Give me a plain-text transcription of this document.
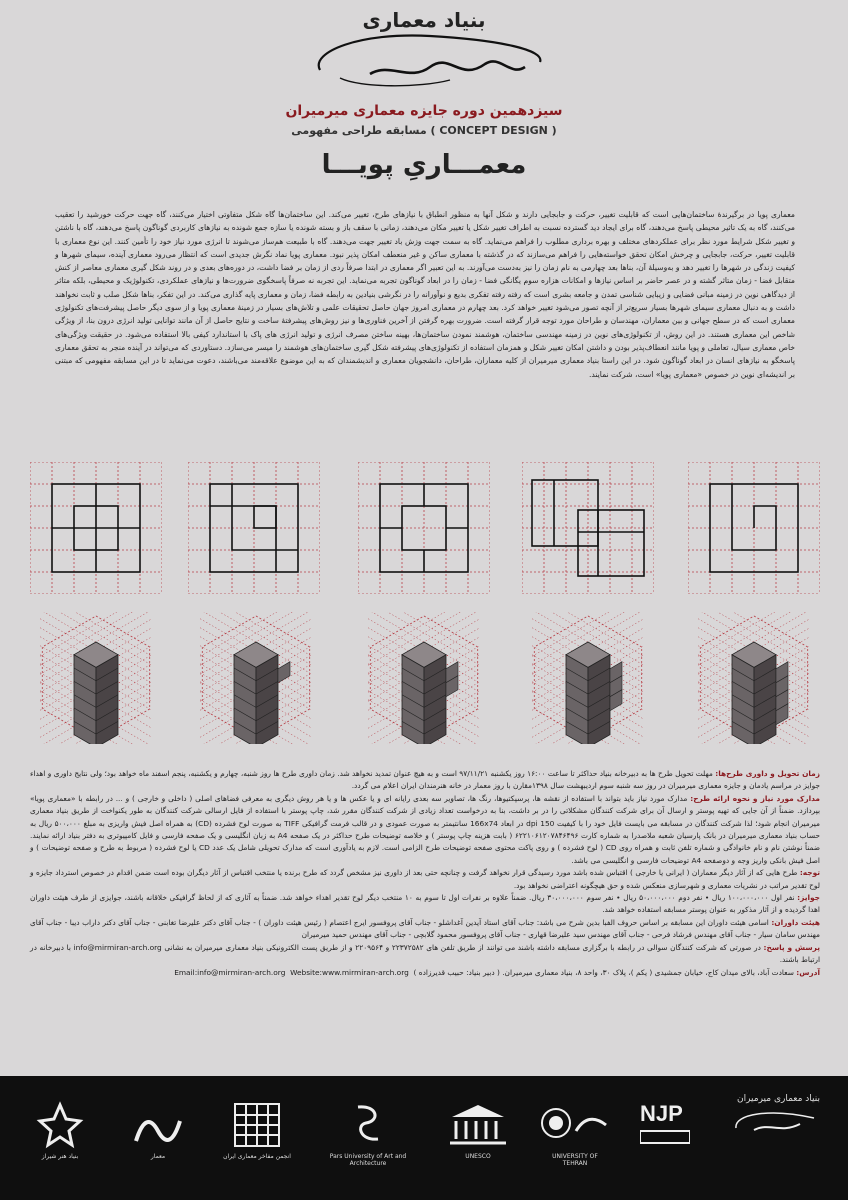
بنیاد معماری
سیزدهمین دوره جایزه معماری میرمیران
مسابقه طراحی مفهومی ( CONCEPT DESIGN )
معمـــاریِ پویـــا
معماری پویا در برگیرندهٔ ساختمان‌هایی است که قابلیت تغییر، حرکت و جابجایی دارند و شکل آنها به منظور انطباق با نیازهای طرح، تغییر می‌کند. این ساختمان‌ها گاه شکل متفاوتی اختیار می‌کنند، گاه جهت حرکت خورشید را تعقیب می‌کنند، گاه به یک تاثیر محیطی پاسخ می‌دهند، گاه برای ایجاد دید گسترده نسبت به اطراف تغییر شکل یا تغییر مکان می‌دهند، زمانی با سقف باز و بسته شونده یا سازه جمع شونده به نیازهای کاربردی گوناگون پاسخ می‌دهند، گاه با ناشتن و تغییر شکل شرایط مورد نظر برای عملکردهای مختلف و بهره برداری مطلوب را فراهم می‌نماید. گاه به سمت جهت وزش باد تغییر جهت می‌دهند. گاه با طبیعت هم‌ساز می‌شوند تا انرژی مورد نیاز خود را تأمین کنند. این نوع معماری با قابلیت تغییر، حرکت، جابجایی و چرخش امکان تحقق خواسته‌هایی را فراهم می‌سازند که در گذشته با معماری ساکن و غیر منعطف امکان پذیر نبود. معماری پویا نماد نگرش جدیدی است که انتظار می‌رود معماری آینده، سیمای شهرها و کیفیت زندگی در شهرها را تغییر دهد و به‌وسیلهٔ آن، بناها بعد چهارمی به نام زمان را نیز به‌دست می‌آورند. به این تعبیر اگر معماری در ابتدا صرفاً ردی از زمان بر فضا داشت، در دوره‌های بعدی و در روند شکل گیری معماری معاصر از کنش متقابل فضا - زمان متاثر گشته و در عصر حاضر بر اساس نیازها و امکانات هزاره سوم یگانگی فضا - زمان را در ابعاد گوناگون تجربه می‌نماید. این تجربه نه صرفاً پاسخگوی ضرورت‌ها و نیاز‌های عملکردی، تکنولوژیک و محیطی، بلکه متاثر از دیدگاهی نوین در زمینه مبانی فضایی و زیبایی شناسی تمدن و جامعه بشری است که رفته رفته تفکری بدیع و نوآورانه را در نگرشی بنیادین به رابطه فضا، زمان و معماری پایه گذاری می‌کند. در این تفکر، بناها شکل صلب و ثابت نخواهند داشت و به دنبال معماری سیمای شهرها بسیار سریع‌تر از آنچه تصور می‌شود تغییر خواهد کرد. بعد چهارم در معماری امروز جهان حاصل تحقیقات علمی و تلاش‌های بسیار در زمینهٔ معماری پویا و از سوی دیگر حاصل پیشرفت‌های تکنولوژی معماری است که در سطح جهانی و بین معماران، مهندسان و طراحان مورد توجه قرار گرفته است. ضرورت بهره گرفتن از آخرین فناوری‌ها و نیز روش‌های پیشرفتهٔ ساخت و نتایج حاصل از آن مانند توانایی تولید انرژی درون بنا، از ویژگی شاخص این معماری هستند. در این روش، از تکنولوژی‌های نوین در زمینه مهندسی ساختمان، هوشمند نمودن ساختمان‌ها، بهینه ساختن مصرف انرژی و تولید انرژی های پاک با استاندارد کیفی بالا استفاده می‌شود. در حقیقت ویژگی‌های خاص معماری سیال، تعاملی و پویا مانند انعطاف‌پذیر بودن و داشتن امکان تغییر شکل و همزمان استفاده از تکنولوژی‌های پیشرفته شکل گیری ساختمان‌های هوشمند را میسر می‌سازد. دستاوردی که می‌تواند در آینده منجر به تحقق معماری پاسخگو به نیازهای انسان در ابعاد گوناگون شود. در این راستا بنیاد معماری میرمیران از کلیه معماران، طراحان، دانشجویان معماری و اندیشمندان که به این موضوع علاقه‌مند می‌باشند، دعوت می‌نماید تا در این مسابقه مفهومی که مبتنی بر اندیشه‌ای نوین در خصوص «معماری پویا» است، شرکت نمایند.
زمان تحویل و داوری طرح‌ها: مهلت تحویل طرح ها به دبیرخانه بنیاد حداکثر تا ساعت ۱۶:۰۰ روز یکشنبه ۹۷/۱۱/۲۱ است و به هیچ عنوان تمدید نخواهد شد. زمان داوری طرح ها روز شنبه، چهارم و یکشنبه، پنجم اسفند ماه خواهد بود؛ ولی نتایج داوری و اهداء جوایز در مراسم یادمان و جایزه معماری میرمیران در روز سه شنبه سوم اردیبهشت سال ۱۳۹۸مقارن با روز معمار در خانه هنرمندان ایران اعلام می گردد.
مدارک مورد نیاز و نحوه ارائه طرح: مدارک مورد نیاز باید بتواند با استفاده از نقشه ها، پرسپکتیوها، رنگ ها، تصاویر سه بعدی رایانه ای و یا عکس ها و یا هر روش دیگری به معرفی فضاهای اصلی ( داخلی و خارجی ) و ... در رابطه با «معماری پویا» بپردازد. ضمناً از آن جایی که تهیه پوستر و ارسال آن برای شرکت کنندگان مشکلاتی را در بر داشت، بنا به درخواست تعداد زیادی از شرکت کنندگان مقرر شد، چاپ پوستر با استفاده از فایل ارسالی شرکت کنندگان به طور یکنواخت از طریق بنیاد معماری میرمیران انجام شود؛ لذا شرکت کنندگان در مسابقه می بایست فایل خود را با کیفیت 150 dpi در ابعاد 166x74 سانتیمتر به صورت عمودی و در قالب فرمت گرافیکی TIFF به صورت لوح فشرده (CD) به همراه اصل فیش واریزی به مبلغ ۵۰۰،۰۰۰ ریال به حساب بنیاد معماری میرمیران در بانک پارسیان شعبه ملاصدرا به شماره کارت ۶۲۲۱۰۶۱۲۰۷۸۴۶۴۹۶ ( بابت هزینه چاپ پوستر ) و خلاصه توضیحات طرح حداکثر در یک صفحه A4 به زبان انگلیسی و یک صفحه فارسی و فایل کامپیوتری به دفتر بنیاد ارائه نمایند. ضمناً نوشتن نام و نام خانوادگی و شماره تلفن ثابت و همراه روی CD ( لوح فشرده ) و روی پاکت محتوی صفحه توضیحات طرح الزامی است. لازم به یادآوری است که مدارک تحویلی شامل یک عدد CD یا لوح فشرده ( مربوط به طرح و صفحه توضیحات ) و اصل فیش بانکی واریز وجه و دوصفحه A4 توضیحات فارسی و انگلیسی می باشد.
توجه: طرح هایی که از آثار دیگر معماران ( ایرانی یا خارجی ) اقتباس شده باشد مورد رسیدگی قرار نخواهد گرفت و چنانچه حتی بعد از داوری نیز مشخص گردد که طرح برنده یا منتخب اقتباس از آثار دیگران بوده است ضمن اقدام در خصوص استرداد جایزه و لوح تقدیر مراتب در نشریات معماری و شهرسازی منعکس شده و حق هیچگونه اعتراضی نخواهد بود.
جوایز: نفر اول ۱۰۰،۰۰۰،۰۰۰ ریال • نفر دوم ۵۰،۰۰۰،۰۰۰ ریال • نفر سوم ۳۰،۰۰۰،۰۰۰ ریال. ضمناً علاوه بر نفرات اول تا سوم به ۱۰ منتخب دیگر لوح تقدیر اهداء خواهد شد. ضمناً به آثاری که از لحاظ گرافیکی خلاقانه باشند، جوایزی از طرف هیئت داوران اهدا گردیده و از آثار مذکور به عنوان پوستر مسابقه استفاده خواهد شد.
هیئت داوران: اسامی هیئت داوران این مسابقه بر اساس حروف الفبا بدین شرح می باشد: جناب آقای استاد آیدین آغداشلو - جناب آقای پروفسور ایرج اعتصام ( رئیس هیئت داوران ) - جناب آقای دکتر علیرضا تغابنی - جناب آقای دکتر داراب دیبا - جناب آقای مهندس سامان سیار - جناب آقای مهندس فرشاد فرحی - جناب آقای مهندس سید علیرضا قهاری - جناب آقای پروفسور محمود گلابچی - جناب آقای مهندس حمید میرمیران
پرسش و پاسخ: در صورتی که شرکت کنندگان سوالی در رابطه با برگزاری مسابقه داشته باشند می توانند از طریق تلفن های ۲۲۳۷۲۵۸۲ و ۲۲۰۹۵۶۴ و از طریق پست الکترونیکی بنیاد معماری میرمیران به نشانی info@mirmiran-arch.org با دبیرخانه در ارتباط باشند.
آدرس: سعادت آباد، بالای میدان کاج، خیابان جمشیدی ( یکم )، پلاک ۳۰، واحد ۸، بنیاد معماری میرمیران. ( دبیر بنیاد: حبیب قدیرزاده )  Email:info@mirmiran-arch.org Website:www.mirmiran-arch.org
بنیاد هنر شیراز	معمار	انجمن مفاخر معماری ایران	Pars University of Art and Architecture
UNESCO	UNIVERSITY OF TEHRAN
NJP
بنیاد معماری میرمیران
